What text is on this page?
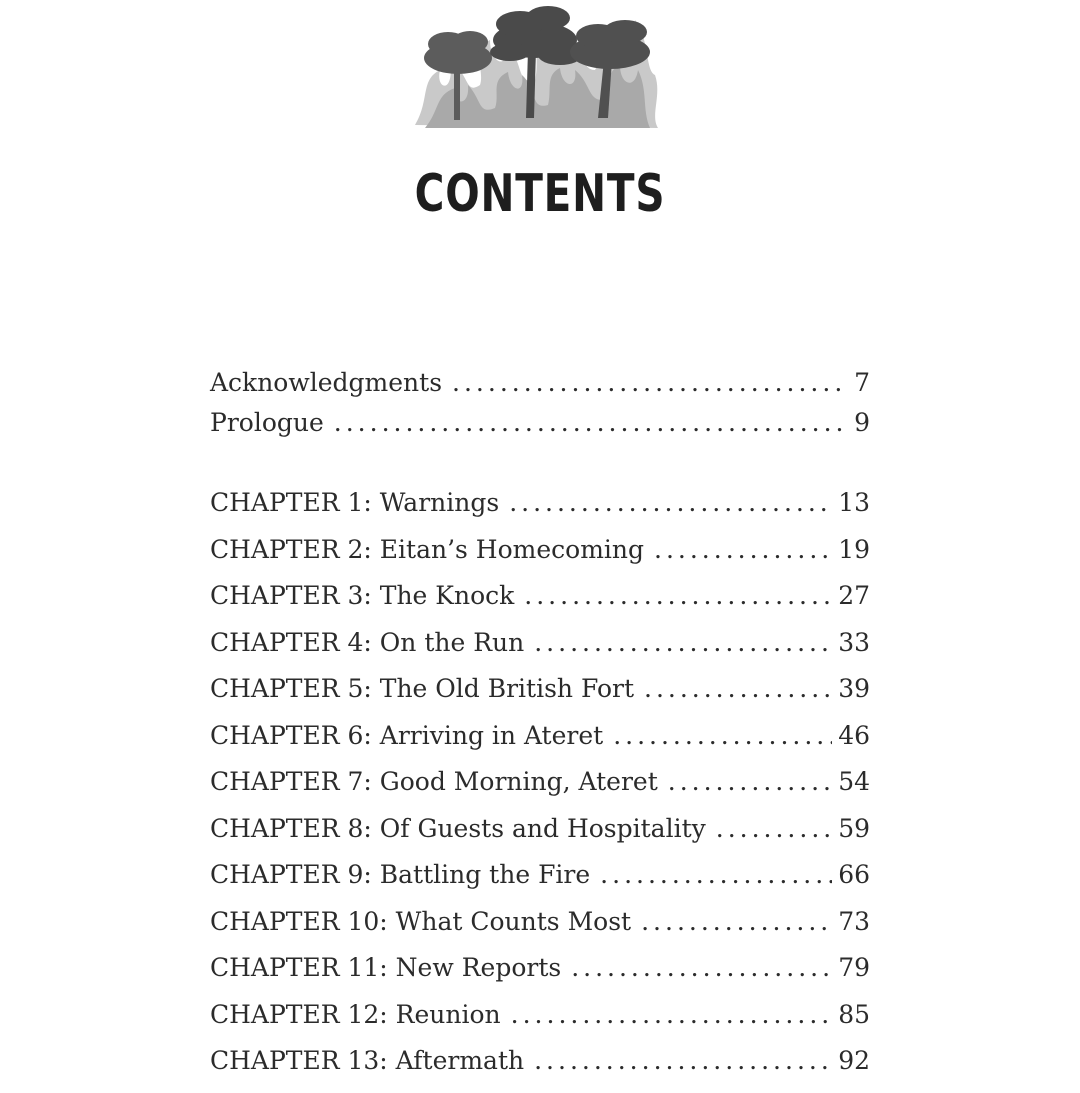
CONTENTS
Acknowledgments .....	7
Prologue .....	9
CHAPTER 1: Warnings .....	13
CHAPTER 2: Eitan’s Homecoming .....	19
CHAPTER 3: The Knock .....	27
CHAPTER 4: On the Run .....	33
CHAPTER 5: The Old British Fort .....	39
CHAPTER 6: Arriving in Ateret .....	46
CHAPTER 7: Good Morning, Ateret .....	54
CHAPTER 8: Of Guests and Hospitality .....	59
CHAPTER 9: Battling the Fire .....	66
CHAPTER 10: What Counts Most .....	73
CHAPTER 11: New Reports .....	79
CHAPTER 12: Reunion .....	85
CHAPTER 13: Aftermath .....	92
